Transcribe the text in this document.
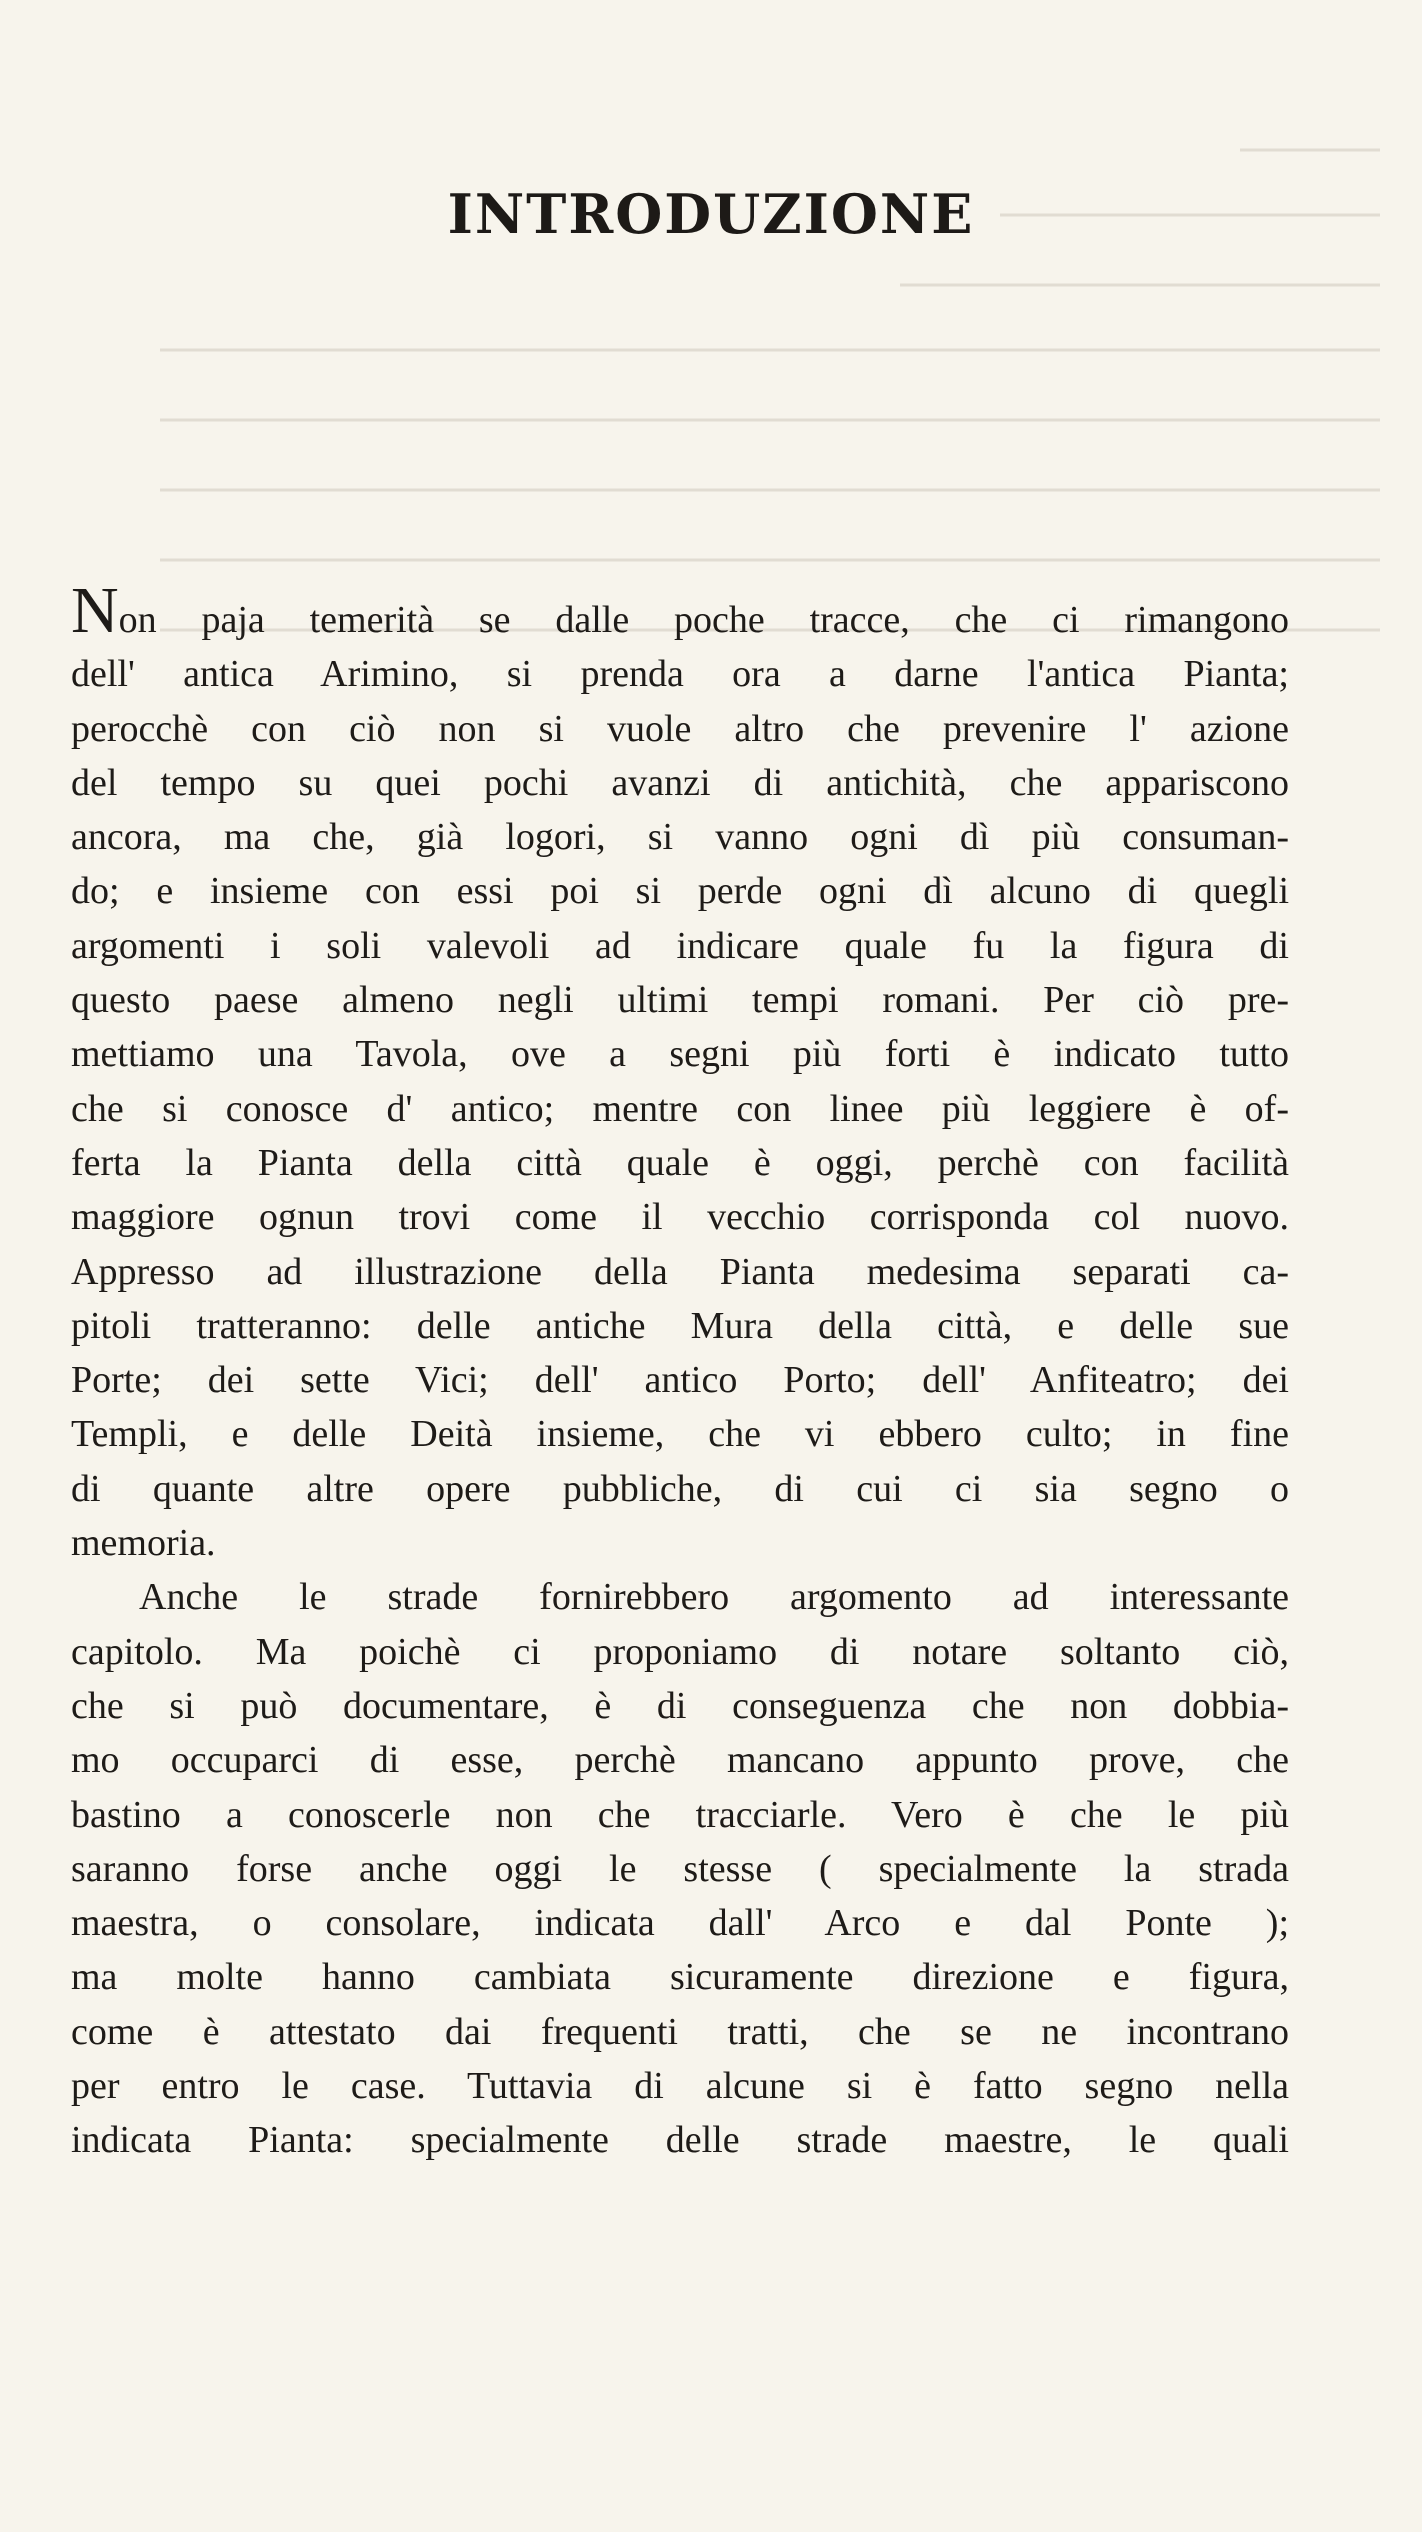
INTRODUZIONE

Non paja temerità se dalle poche tracce, che ci rimangono

dell' antica Arimino, si prenda ora a darne l'antica Pianta;

perocchè con ciò non si vuole altro che prevenire l' azione

del tempo su quei pochi avanzi di antichità, che appariscono

ancora, ma che, già logori, si vanno ogni dì più consuman-

do; e insieme con essi poi si perde ogni dì alcuno di quegli

argomenti i soli valevoli ad indicare quale fu la figura di

questo paese almeno negli ultimi tempi romani. Per ciò pre-

mettiamo una Tavola, ove a segni più forti è indicato tutto

che si conosce d' antico; mentre con linee più leggiere è of-

ferta la Pianta della città quale è oggi, perchè con facilità

maggiore ognun trovi come il vecchio corrisponda col nuovo.

Appresso ad illustrazione della Pianta medesima separati ca-

pitoli tratteranno: delle antiche Mura della città, e delle sue

Porte; dei sette Vici; dell' antico Porto; dell' Anfiteatro; dei

Templi, e delle Deità insieme, che vi ebbero culto; in fine

di quante altre opere pubbliche, di cui ci sia segno o

memoria.

Anche le strade fornirebbero argomento ad interessante

capitolo. Ma poichè ci proponiamo di notare soltanto ciò,

che si può documentare, è di conseguenza che non dobbia-

mo occuparci di esse, perchè mancano appunto prove, che

bastino a conoscerle non che tracciarle. Vero è che le più

saranno forse anche oggi le stesse ( specialmente la strada

maestra, o consolare, indicata dall' Arco e dal Ponte );

ma molte hanno cambiata sicuramente direzione e figura,

come è attestato dai frequenti tratti, che se ne incontrano

per entro le case. Tuttavia di alcune si è fatto segno nella

indicata Pianta: specialmente delle strade maestre, le quali
